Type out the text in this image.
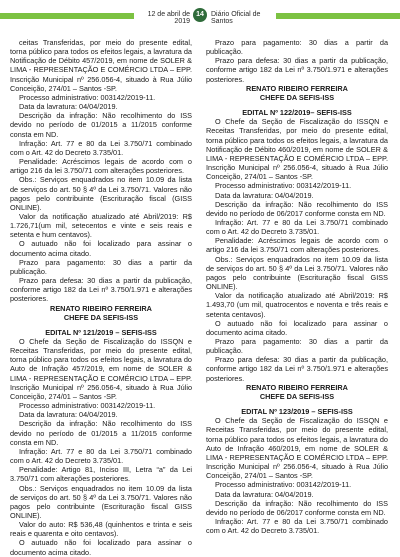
12 de abril de 2019
14	Diário Oficial de Santos

ceitas Transferidas, por meio do presente edital, torna público para todos os efeitos legais, a lavratura da Notificação de Débito 457/2019, em nome de SOLER & LIMA - REPRESENTAÇÃO E COMÉRCIO LTDA – EPP. Inscrição Municipal nº 256.056-4, situado à Rua Júlio Conceição, 274/01 – Santos -SP.

Processo administrativo: 003142/2019-11.

Data da lavratura: 04/04/2019.

Descrição da infração: Não recolhimento do ISS devido no período de 01/2015 a 11/2015 conforme consta em ND.

Infração: Art. 77 e 80 da Lei 3.750/71 combinado com o Art. 42 do Decreto 3.735/01.

Penalidade: Acréscimos legais de acordo com o artigo 216 da lei 3.750/71 com alterações posteriores.

Obs.: Serviços enquadrados no item 10.09 da lista de serviços do art. 50 § 4º da Lei 3.750/71. Valores não pagos pelo contribuinte (Escrituração fiscal (GISS ONLINE).

Valor da notificação atualizado até Abril/2019: R$ 1.726,71(um mil, setecentos e vinte e seis reais e setenta e hum centavos).

O autuado não foi localizado para assinar o documento acima citado.

Prazo para pagamento: 30 dias a partir da publicação.

Prazo para defesa: 30 dias a partir da publicação, conforme artigo 182 da Lei nº 3.750/1.971 e alterações posteriores.

RENATO RIBEIRO FERREIRA

CHEFE DA SEFIS-ISS

EDITAL Nº 121/2019 – SEFIS-ISS

O Chefe da Seção de Fiscalização do ISSQN e Receitas Transferidas, por meio do presente edital, torna público para todos os efeitos legais, a lavratura do Auto de Infração 457/2019, em nome de SOLER & LIMA - REPRESENTAÇÃO E COMÉRCIO LTDA – EPP. Inscrição Municipal nº 256.056-4, situado à Rua Júlio Conceição, 274/01 – Santos -SP.

Processo administrativo: 003142/2019-11.

Data da lavratura: 04/04/2019.

Descrição da infração: Não recolhimento do ISS devido no período de 01/2015 a 11/2015 conforme consta em ND.

Infração: Art. 77 e 80 da Lei 3.750/71 combinado com o Art. 42 do Decreto 3.735/01.

Penalidade: Artigo 81, Inciso III, Letra “a” da Lei 3.750/71 com alterações posteriores.

Obs.: Serviços enquadrados no item 10.09 da lista de serviços do art. 50 § 4º da Lei 3.750/71. Valores não pagos pelo contribuinte (Escrituração fiscal GISS ONLINE).

Valor do auto: R$ 536,48 (quinhentos e trinta e seis reais e quarenta e oito centavos).

O autuado não foi localizado para assinar o documento acima citado.

Prazo para pagamento: 30 dias a partir da publicação.

Prazo para defesa: 30 dias a partir da publicação, conforme artigo 182 da Lei nº 3.750/1.971 e alterações posteriores.

RENATO RIBEIRO FERREIRA

CHEFE DA SEFIS-ISS

EDITAL Nº 122/2019– SEFIS-ISS

O Chefe da Seção de Fiscalização do ISSQN e Receitas Transferidas, por meio do presente edital, torna público para todos os efeitos legais, a lavratura da Notificação de Débito 460/2019, em nome de SOLER & LIMA - REPRESENTAÇÃO E COMÉRCIO LTDA – EPP. Inscrição Municipal nº 256.056-4, situado à Rua Júlio Conceição, 274/01 – Santos -SP.

Processo administrativo: 003142/2019-11.

Data da lavratura: 04/04/2019.

Descrição da infração: Não recolhimento do ISS devido no período de 06/2017 conforme consta em ND.

Infração: Art. 77 e 80 da Lei 3.750/71 combinado com o Art. 42 do Decreto 3.735/01.

Penalidade: Acréscimos legais de acordo com o artigo 216 da lei 3.750/71 com alterações posteriores.

Obs.: Serviços enquadrados no item 10.09 da lista de serviços do art. 50 § 4º da Lei 3.750/71. Valores não pagos pelo contribuinte (Escrituração fiscal GISS ONLINE).

Valor da notificação atualizado até Abril/2019: R$ 1.493,70 (um mil, quatrocentos e noventa e três reais e setenta centavos).

O autuado não foi localizado para assinar o documento acima citado.

Prazo para pagamento: 30 dias a partir da publicação.

Prazo para defesa: 30 dias a partir da publicação, conforme artigo 182 da Lei nº 3.750/1.971 e alterações posteriores.

RENATO RIBEIRO FERREIRA

CHEFE DA SEFIS-ISS

EDITAL Nº 123/2019 – SEFIS-ISS

O Chefe da Seção de Fiscalização do ISSQN e Receitas Transferidas, por meio do presente edital, torna público para todos os efeitos legais, a lavratura do Auto de Infração 460/2019, em nome de SOLER & LIMA - REPRESENTAÇÃO E COMÉRCIO LTDA – EPP. Inscrição Municipal nº 256.056-4, situado à Rua Júlio Conceição, 274/01 – Santos -SP.

Processo administrativo: 003142/2019-11.

Data da lavratura: 04/04/2019.

Descrição da infração: Não recolhimento do ISS devido no período de 06/2017 conforme consta em ND.

Infração: Art. 77 e 80 da Lei 3.750/71 combinado com o Art. 42 do Decreto 3.735/01.
